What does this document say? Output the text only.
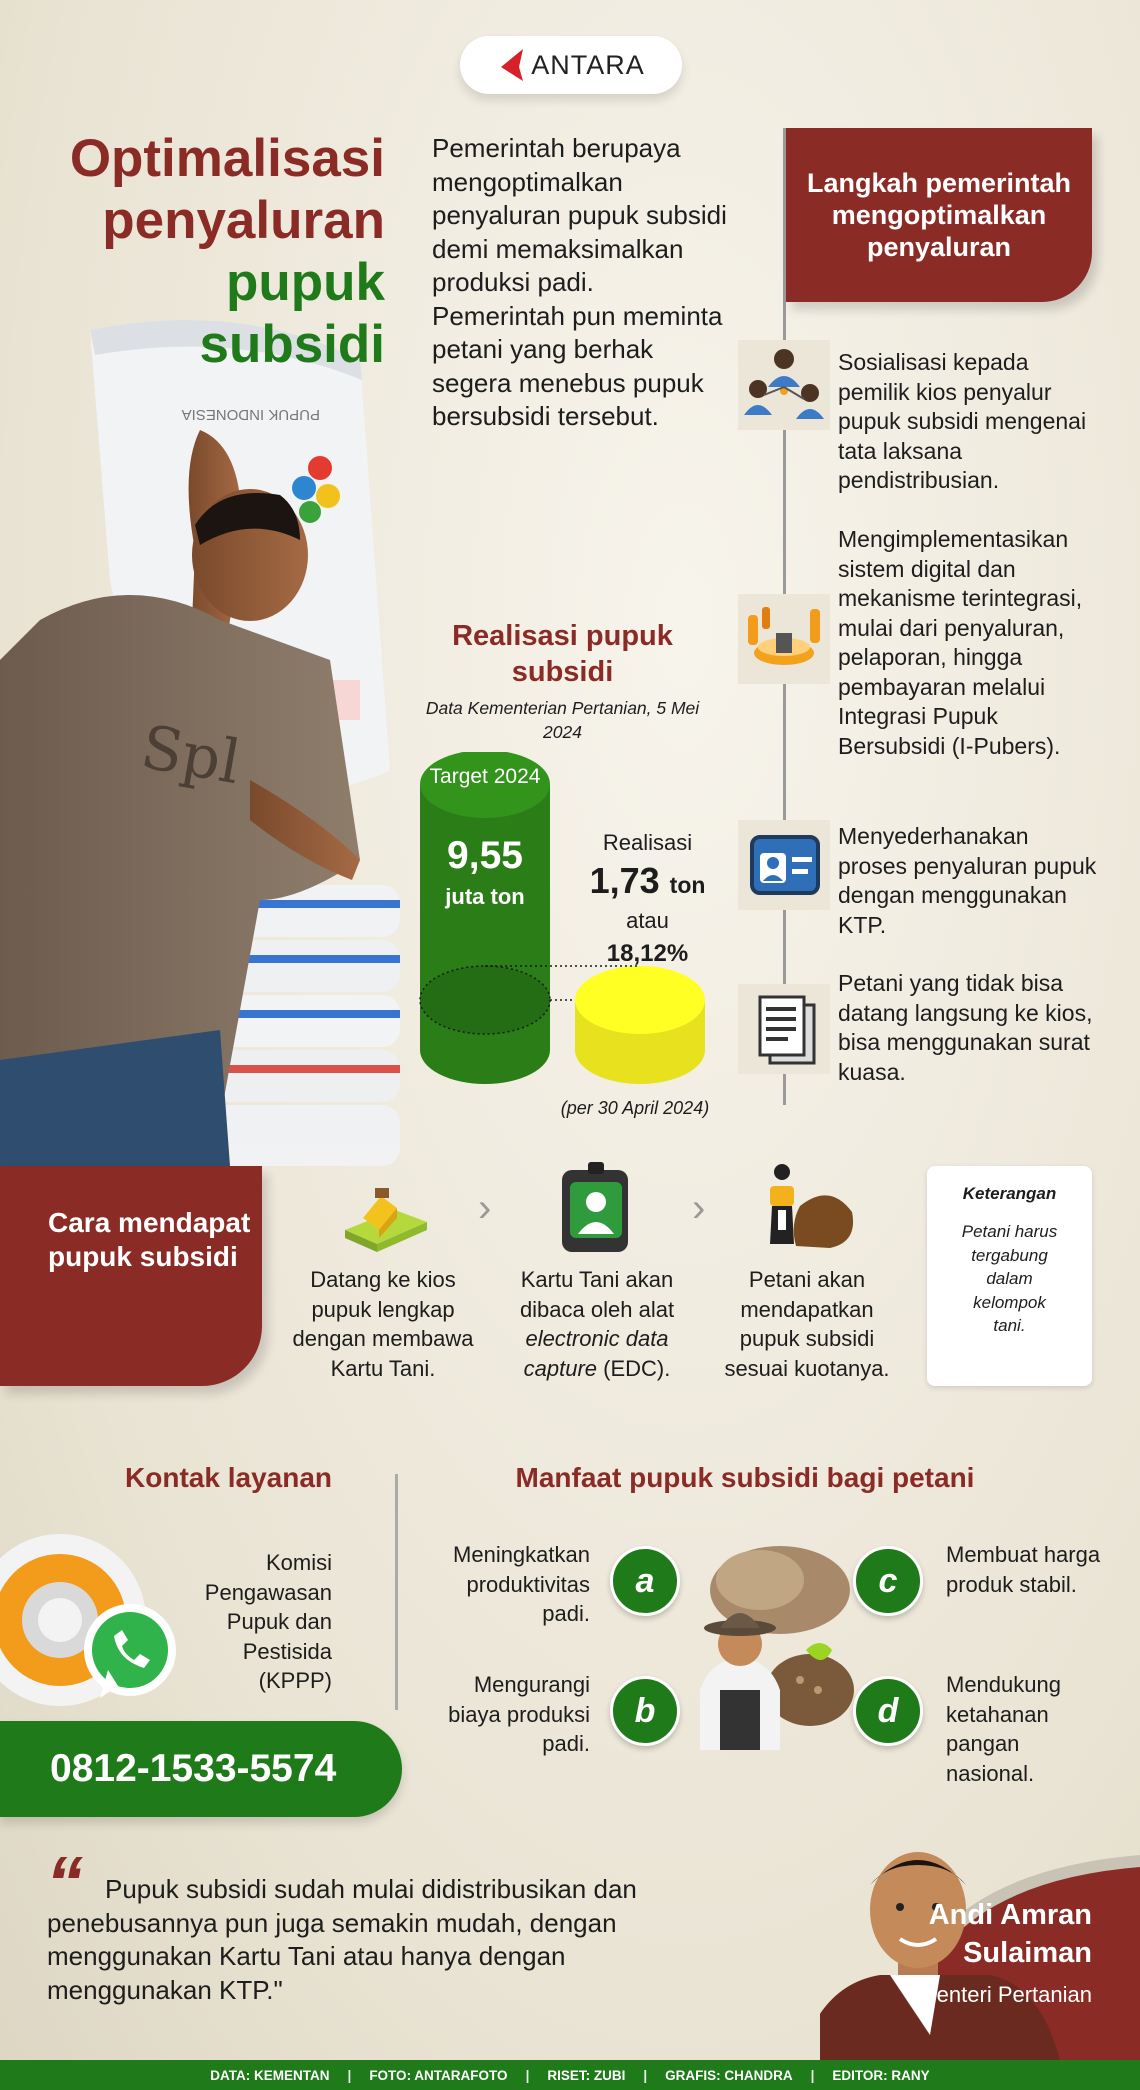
ANTARA
PUPUK INDONESIA
Spl
Optimalisasi
penyaluran
pupuk
subsidi
Pemerintah berupaya mengoptimalkan penyaluran pupuk subsidi demi memaksimalkan produksi padi. Pemerintah pun meminta petani yang berhak segera menebus pupuk bersubsidi tersebut.
Langkah pemerintah mengoptimalkan penyaluran
Sosialisasi kepada pemilik kios penyalur pupuk subsidi mengenai tata laksana pendistribusian.
Mengimplementasikan sistem digital dan mekanisme terintegrasi, mulai dari penyaluran, pelaporan, hingga pembayaran melalui Integrasi Pupuk Bersubsidi (I-Pubers).
Menyederhanakan proses penyaluran pupuk dengan menggunakan KTP.
Petani yang tidak bisa datang langsung ke kios, bisa menggunakan surat kuasa.
Realisasi pupuk subsidi
Data Kementerian Pertanian, 5 Mei 2024
Target 2024
9,55
juta ton
Realisasi
1,73 ton
atau
18,12%
(per 30 April 2024)
Cara mendapat pupuk subsidi
›	›
Datang ke kios pupuk lengkap dengan membawa Kartu Tani.
Kartu Tani akan dibaca oleh alat electronic data capture (EDC).
Petani akan mendapatkan pupuk subsidi sesuai kuotanya.
Keterangan
Petani harus tergabung dalam kelompok tani.
Kontak layanan
Komisi Pengawasan Pupuk dan Pestisida (KPPP)
0812-1533-5574
Manfaat pupuk subsidi bagi petani
Meningkatkan produktivitas padi.
a
Mengurangi biaya produksi padi.
b
c
Membuat harga produk stabil.
d
Mendukung ketahanan pangan nasional.
“ Pupuk subsidi sudah mulai didistribusikan dan penebusannya pun juga semakin mudah, dengan menggunakan Kartu Tani atau hanya dengan menggunakan KTP."
Andi Amran
Sulaiman
Menteri Pertanian
DATA: KEMENTAN | FOTO: ANTARAFOTO | RISET: ZUBI | GRAFIS: CHANDRA | EDITOR: RANY
